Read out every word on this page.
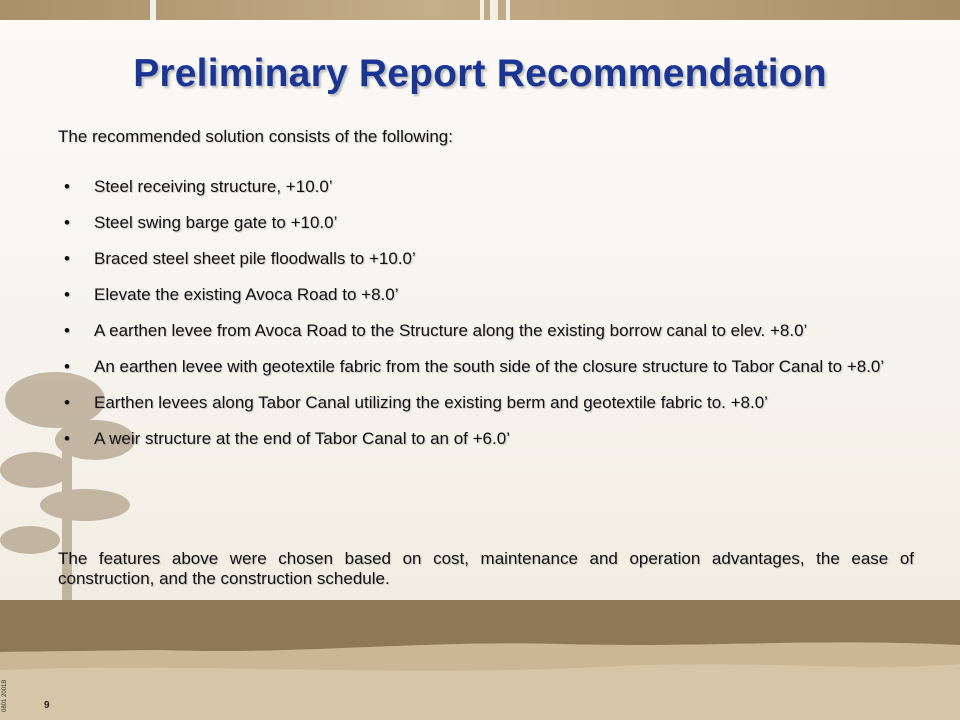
Preliminary Report Recommendation
The recommended solution consists of the following:
• Steel receiving structure, +10.0’
• Steel swing barge gate to +10.0’
• Braced steel sheet pile floodwalls to +10.0’
• Elevate the existing Avoca Road to +8.0’
• A earthen levee from Avoca Road to the Structure along the existing borrow canal to elev. +8.0’
• An earthen levee with geotextile fabric from the south side of the closure structure to Tabor Canal to +8.0’
• Earthen levees along Tabor Canal utilizing the existing berm and geotextile fabric to. +8.0’
• A weir structure at the end of Tabor Canal to an of +6.0’
The features above were chosen based on cost, maintenance and operation advantages, the ease of construction, and the construction schedule.
9
0801 2001B
